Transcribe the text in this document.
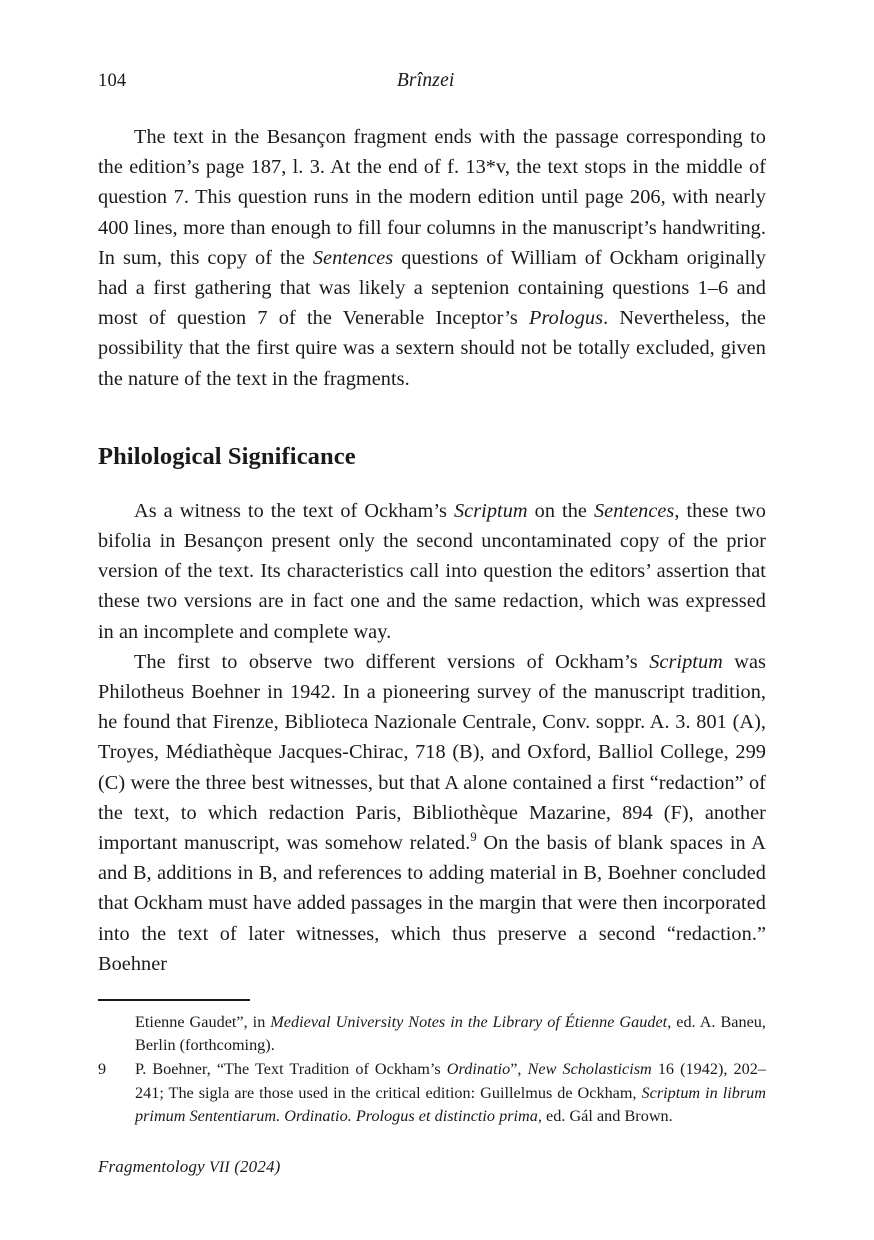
104	Brînzei

The text in the Besançon fragment ends with the passage corresponding to the edition’s page 187, l. 3. At the end of f. 13*v, the text stops in the middle of question 7. This question runs in the modern edition until page 206, with nearly 400 lines, more than enough to fill four columns in the manuscript’s handwriting. In sum, this copy of the Sentences questions of William of Ockham originally had a first gathering that was likely a septenion containing questions 1–6 and most of question 7 of the Venerable Inceptor’s Prologus. Nevertheless, the possibility that the first quire was a sextern should not be totally excluded, given the nature of the text in the fragments.

Philological Significance

As a witness to the text of Ockham’s Scriptum on the Sentences, these two bifolia in Besançon present only the second uncontaminated copy of the prior version of the text. Its characteristics call into question the editors’ assertion that these two versions are in fact one and the same redaction, which was expressed in an incomplete and complete way.

The first to observe two different versions of Ockham’s Scriptum was Philotheus Boehner in 1942. In a pioneering survey of the manuscript tradition, he found that Firenze, Biblioteca Nazionale Centrale, Conv. soppr. A. 3. 801 (A), Troyes, Médiathèque Jacques-Chirac, 718 (B), and Oxford, Balliol College, 299 (C) were the three best witnesses, but that A alone contained a first “redaction” of the text, to which redaction Paris, Bibliothèque Mazarine, 894 (F), another important manuscript, was somehow related.$^9$ On the basis of blank spaces in A and B, additions in B, and references to adding material in B, Boehner concluded that Ockham must have added passages in the margin that were then incorporated into the text of later witnesses, which thus preserve a second “redaction.” Boehner

Etienne Gaudet”, in Medieval University Notes in the Library of Étienne Gaudet, ed. A. Baneu, Berlin (forthcoming).
9	P. Boehner, “The Text Tradition of Ockham’s Ordinatio”, New Scholasticism 16 (1942), 202–241; The sigla are those used in the critical edition: Guillelmus de Ockham, Scriptum in librum primum Sententiarum. Ordinatio. Prologus et distinctio prima, ed. Gál and Brown.
Fragmentology VII (2024)
